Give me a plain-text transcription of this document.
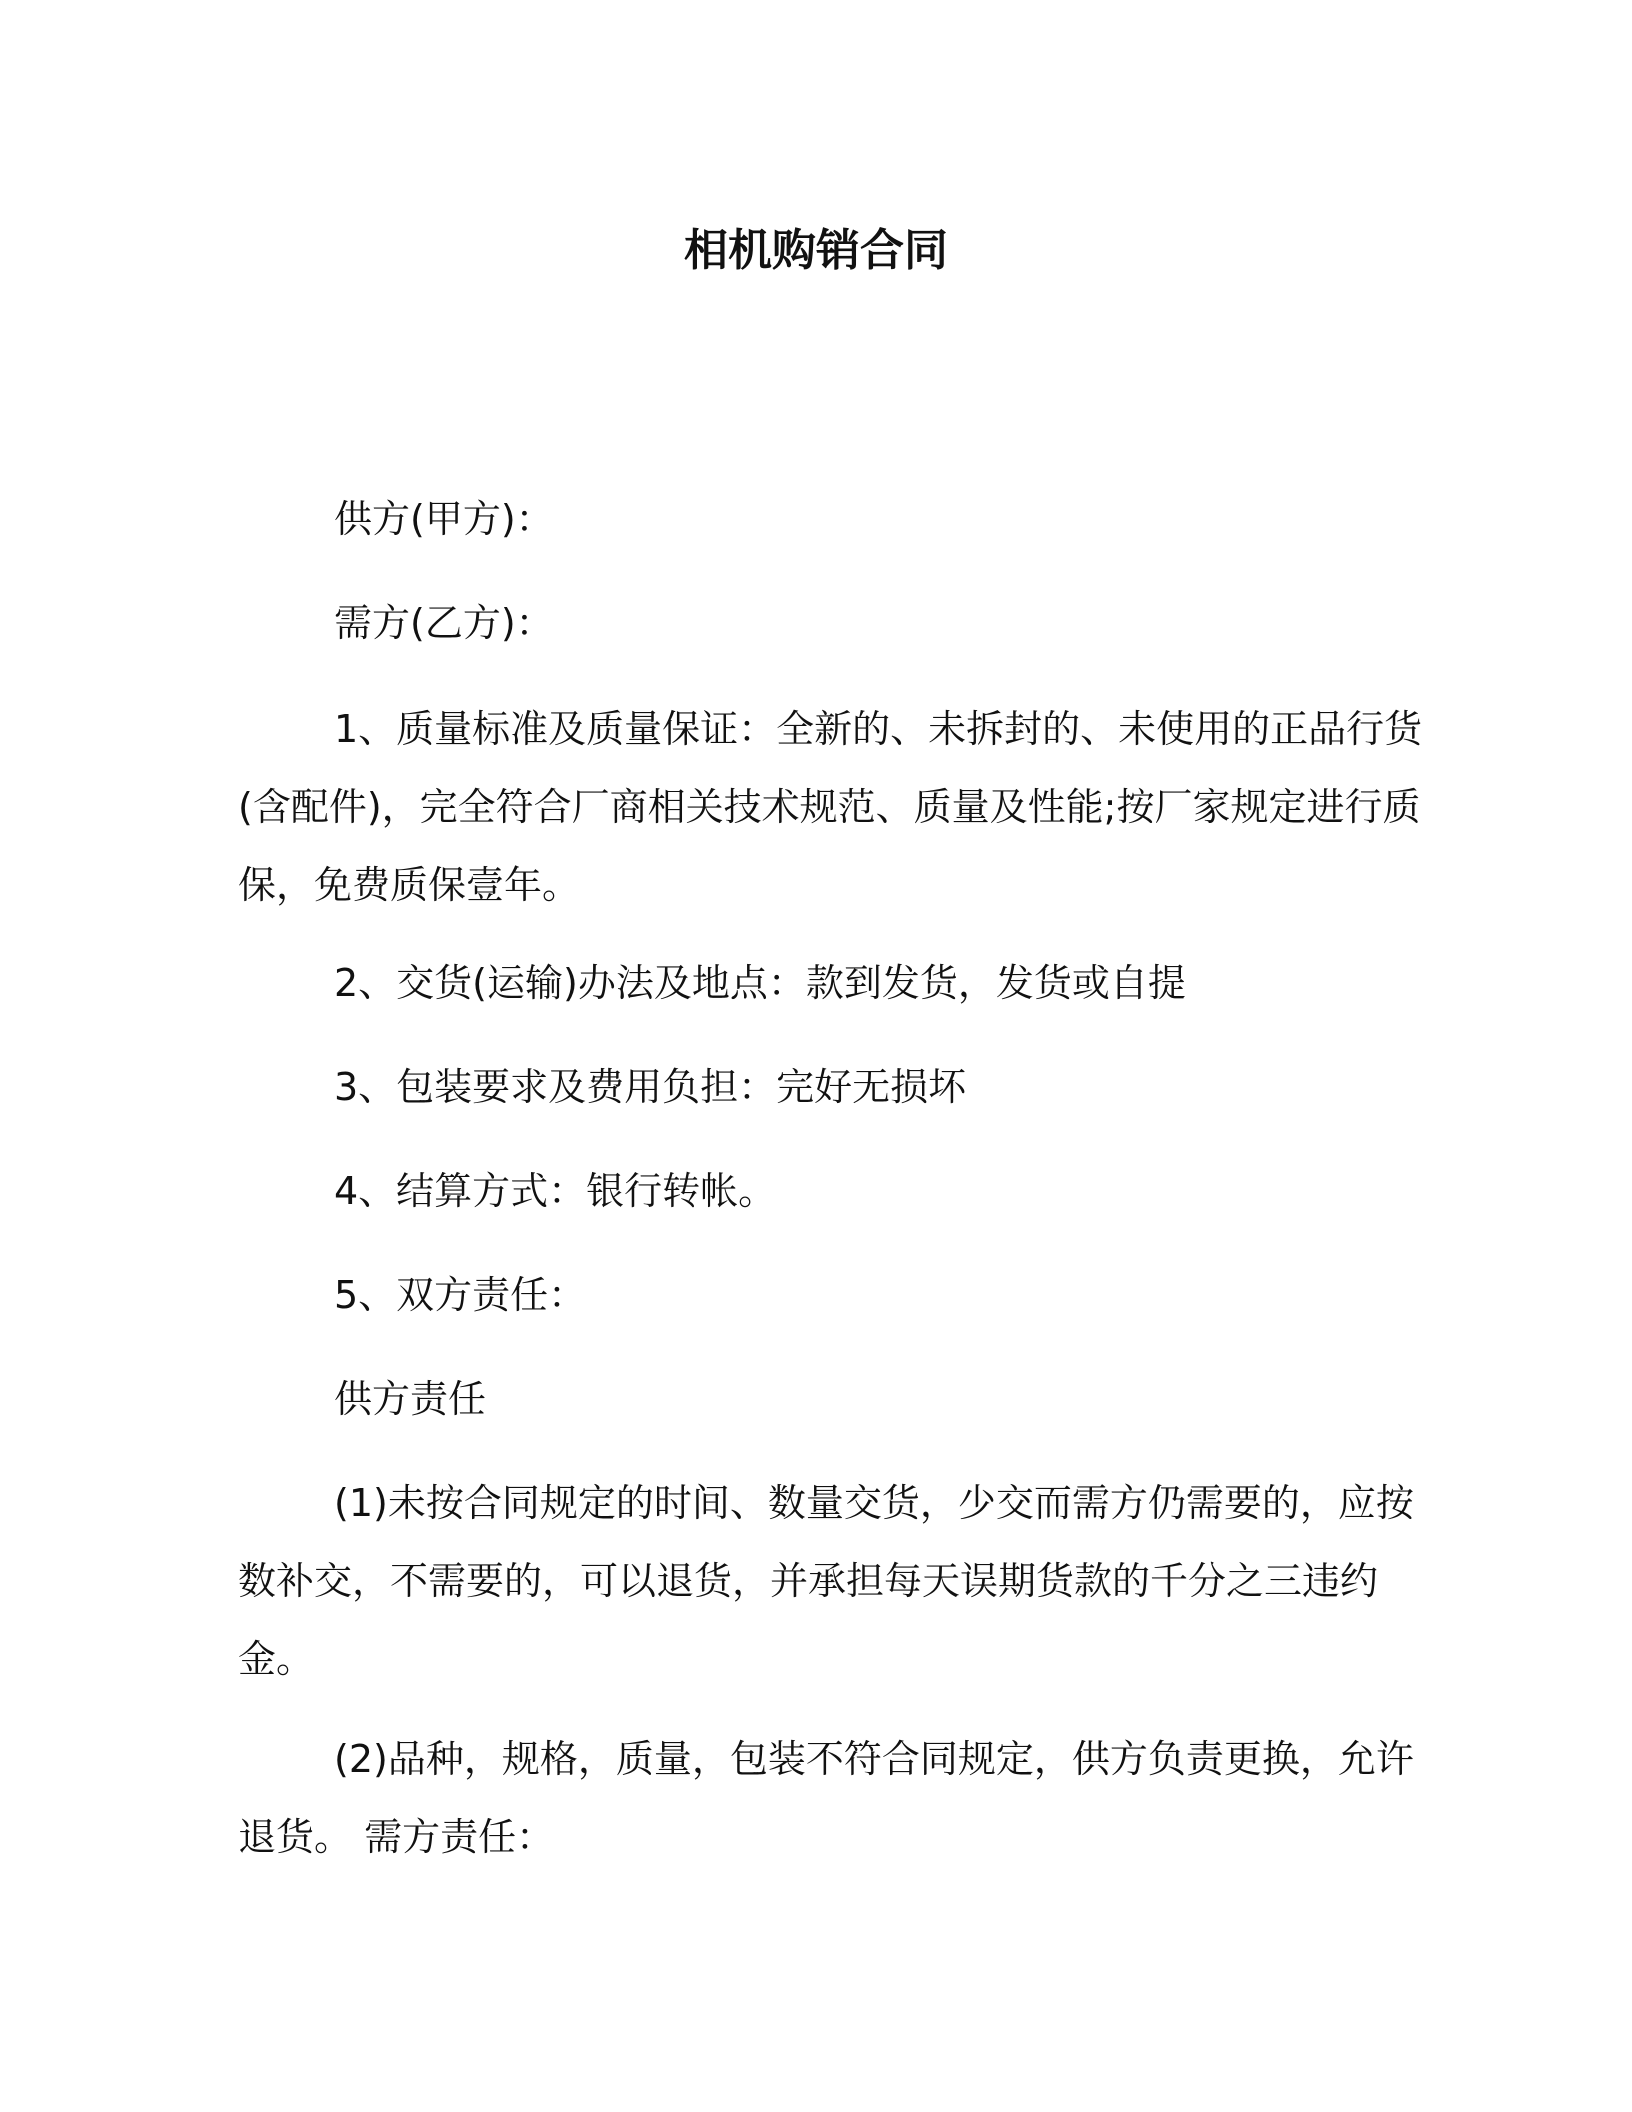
相机购销合同

供方(甲方)：

需方(乙方)：

1、质量标准及质量保证：全新的、未拆封的、未使用的正品行货(含配件)，完全符合厂商相关技术规范、质量及性能;按厂家规定进行质保，免费质保壹年。

2、交货(运输)办法及地点：款到发货，发货或自提

3、包装要求及费用负担：完好无损坏

4、结算方式：银行转帐。

5、双方责任：

供方责任

(1)未按合同规定的时间、数量交货，少交而需方仍需要的，应按数补交，不需要的，可以退货，并承担每天误期货款的千分之三违约金。

(2)品种，规格，质量，包装不符合同规定，供方负责更换，允许退货。 需方责任：
